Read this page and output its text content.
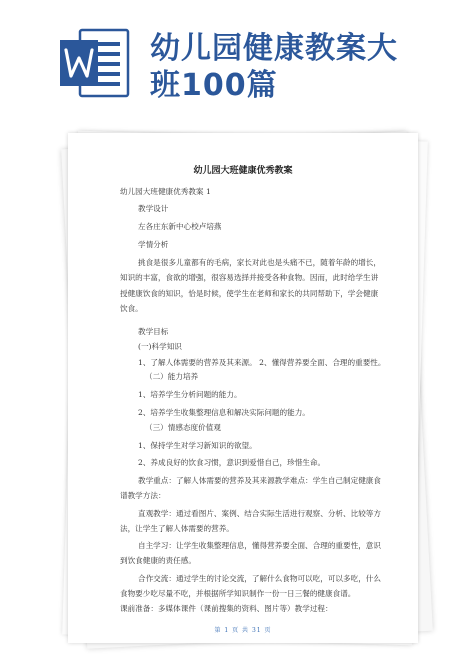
幼儿园健康教案大
班100篇
幼儿园大班健康优秀教案
幼儿园大班健康优秀教案 1
教学设计
左各庄东新中心校卢培燕
学情分析
挑食是很多儿童都有的毛病，家长对此也是头痛不已，随着年龄的增长，
知识的丰富，食欲的增强，很容易选择并接受各种食物。因而，此时给学生讲
授健康饮食的知识，恰是时候，使学生在老师和家长的共同帮助下，学会健康
饮食。
教学目标
(一)科学知识
1、了解人体需要的营养及其来源。 2、懂得营养要全面、合理的重要性。
（二）能力培养
1、培养学生分析问题的能力。
2、培养学生收集整理信息和解决实际问题的能力。
（三）情感态度价值观
1、保持学生对学习新知识的欲望。
2、养成良好的饮食习惯，意识到爱惜自己，珍惜生命。
教学重点：了解人体需要的营养及其来源教学难点：学生自己制定健康食
谱教学方法：
直观教学：通过看图片、案例、结合实际生活进行观察、分析、比较等方
法，让学生了解人体需要的营养。
自主学习：让学生收集整理信息，懂得营养要全面、合理的重要性，意识
到饮食健康的责任感。
合作交流：通过学生的讨论交流，了解什么食物可以吃，可以多吃，什么
食物要少吃尽量不吃，并根据所学知识制作一份一日三餐的健康食谱。
课前准备：多媒体课件（课前搜集的资料、图片等）教学过程：
第 1 页 共 31 页
